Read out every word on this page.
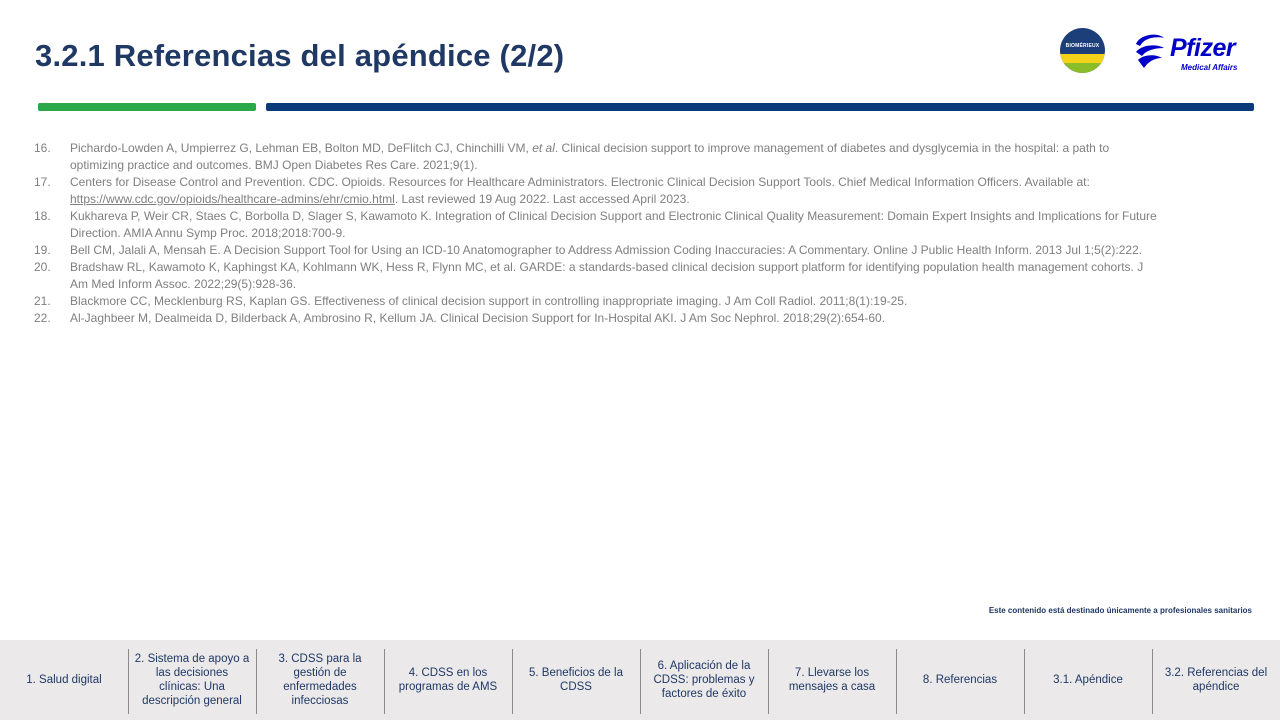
3.2.1 Referencias del apéndice (2/2)	BIOMÉRIEUX	Pfizer
Medical Affairs
16. Pichardo-Lowden A, Umpierrez G, Lehman EB, Bolton MD, DeFlitch CJ, Chinchilli VM, et al. Clinical decision support to improve management of diabetes and dysglycemia in the hospital: a path to optimizing practice and outcomes. BMJ Open Diabetes Res Care. 2021;9(1).
17. Centers for Disease Control and Prevention. CDC. Opioids. Resources for Healthcare Administrators. Electronic Clinical Decision Support Tools. Chief Medical Information Officers. Available at: https://www.cdc.gov/opioids/healthcare-admins/ehr/cmio.html. Last reviewed 19 Aug 2022. Last accessed April 2023.
18. Kukhareva P, Weir CR, Staes C, Borbolla D, Slager S, Kawamoto K. Integration of Clinical Decision Support and Electronic Clinical Quality Measurement: Domain Expert Insights and Implications for Future Direction. AMIA Annu Symp Proc. 2018;2018:700-9.
19. Bell CM, Jalali A, Mensah E. A Decision Support Tool for Using an ICD-10 Anatomographer to Address Admission Coding Inaccuracies: A Commentary. Online J Public Health Inform. 2013 Jul 1;5(2):222.
20. Bradshaw RL, Kawamoto K, Kaphingst KA, Kohlmann WK, Hess R, Flynn MC, et al. GARDE: a standards-based clinical decision support platform for identifying population health management cohorts. J Am Med Inform Assoc. 2022;29(5):928-36.
21. Blackmore CC, Mecklenburg RS, Kaplan GS. Effectiveness of clinical decision support in controlling inappropriate imaging. J Am Coll Radiol. 2011;8(1):19-25.
22. Al-Jaghbeer M, Dealmeida D, Bilderback A, Ambrosino R, Kellum JA. Clinical Decision Support for In-Hospital AKI. J Am Soc Nephrol. 2018;29(2):654-60.
Este contenido está destinado únicamente a profesionales sanitarios
1. Salud digital
2. Sistema de apoyo a las decisiones clínicas: Una descripción general
3. CDSS para la gestión de enfermedades infecciosas
4. CDSS en los programas de AMS
5. Beneficios de la CDSS
6. Aplicación de la CDSS: problemas y factores de éxito
7. Llevarse los mensajes a casa
8. Referencias	3.1. Apéndice
3.2. Referencias del apéndice
